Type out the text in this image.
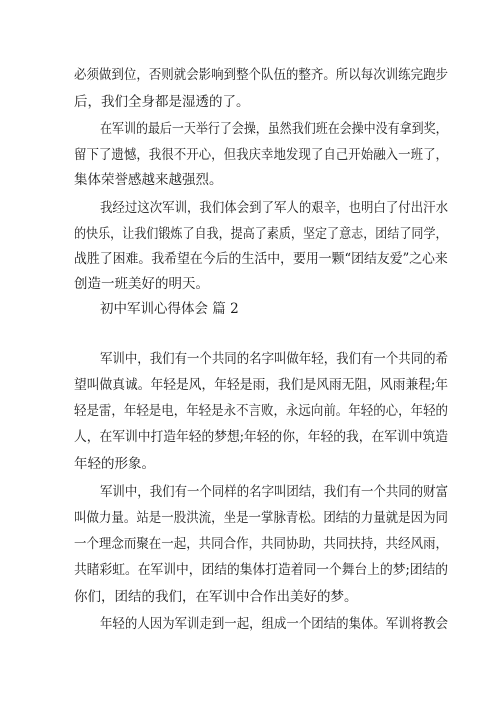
必须做到位，否则就会影响到整个队伍的整齐。所以每次训练完跑步
后，我们全身都是湿透的了。
在军训的最后一天举行了会操，虽然我们班在会操中没有拿到奖，
留下了遗憾，我很不开心，但我庆幸地发现了自己开始融入一班了，
集体荣誉感越来越强烈。
我经过这次军训，我们体会到了军人的艰辛，也明白了付出汗水
的快乐，让我们锻炼了自我，提高了素质，坚定了意志，团结了同学，
战胜了困难。我希望在今后的生活中，要用一颗“团结友爱”之心来
创造一班美好的明天。
初中军训心得体会 篇 2
军训中，我们有一个共同的名字叫做年轻，我们有一个共同的希
望叫做真诚。年轻是风，年轻是雨，我们是风雨无阻，风雨兼程;年
轻是雷，年轻是电，年轻是永不言败，永远向前。年轻的心，年轻的
人，在军训中打造年轻的梦想;年轻的你，年轻的我，在军训中筑造
年轻的形象。
军训中，我们有一个同样的名字叫团结，我们有一个共同的财富
叫做力量。站是一股洪流，坐是一掌脉青松。团结的力量就是因为同
一个理念而聚在一起，共同合作，共同协助，共同扶持，共经风雨，
共睹彩虹。在军训中，团结的集体打造着同一个舞台上的梦;团结的
你们，团结的我们，在军训中合作出美好的梦。
年轻的人因为军训走到一起，组成一个团结的集体。军训将教会
